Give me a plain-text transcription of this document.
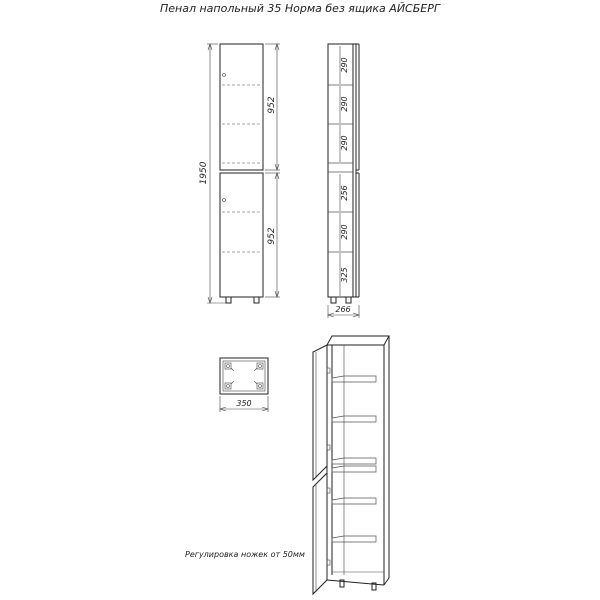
Пенал напольный 35 Норма без ящика АЙСБЕРГ
1950
952
952
290
290
290
256
290
325
266
350
Регулировка ножек от 50мм
